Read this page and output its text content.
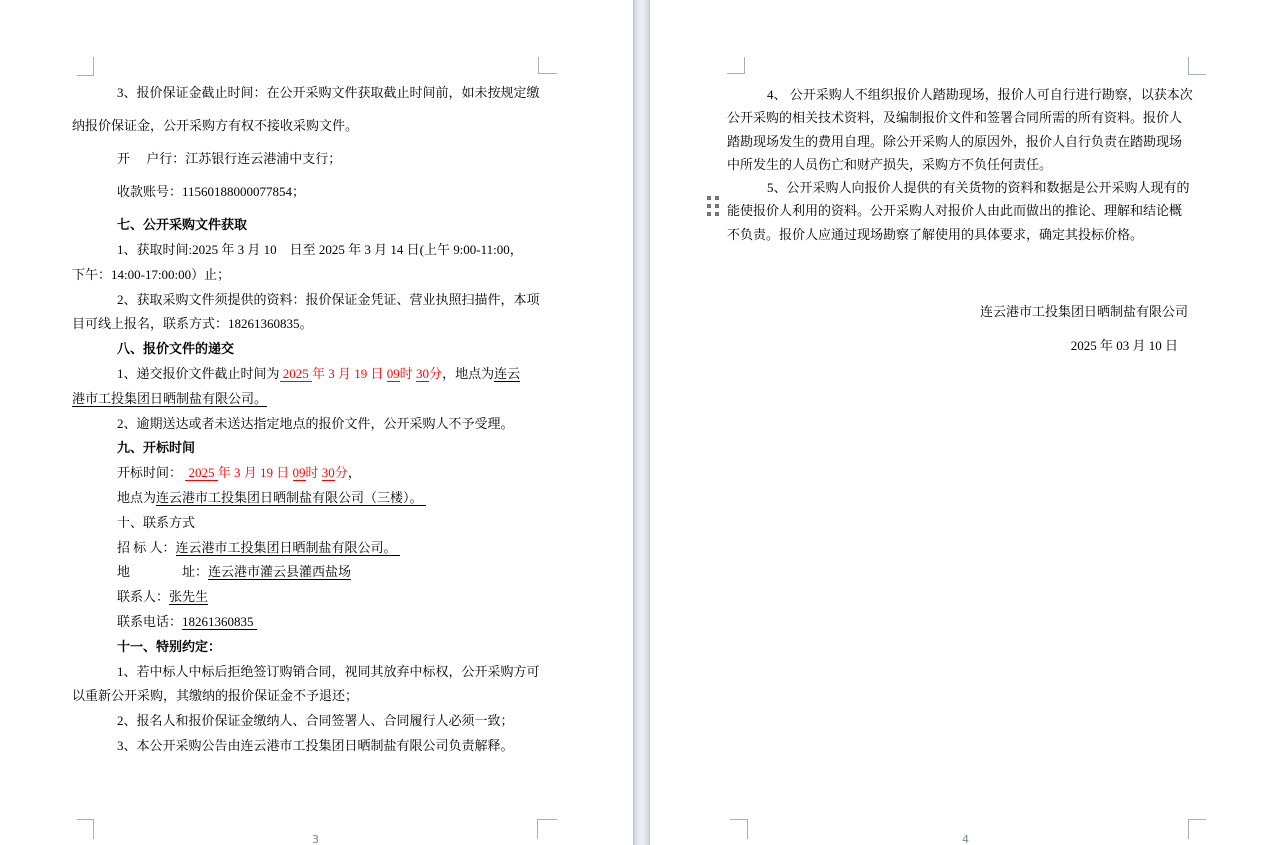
3、报价保证金截止时间：在公开采购文件获取截止时间前，如未按规定缴
纳报价保证金，公开采购方有权不接收采购文件。
开　 户行：江苏银行连云港浦中支行；
收款账号：11560188000077854；
七、公开采购文件获取
1、获取时间:2025 年 3 月 10　日至 2025 年 3 月 14 日(上午 9:00-11:00，
下午：14:00-17:00:00）止；
2、获取采购文件须提供的资料：报价保证金凭证、营业执照扫描件，本项
目可线上报名，联系方式：18261360835。
八、报价文件的递交
1、递交报价文件截止时间为 2025 年 3 月 19 日 09时 30分，地点为连云
港市工投集团日晒制盐有限公司。
2、逾期送达或者未送达指定地点的报价文件，公开采购人不予受理。
九、开标时间
开标时间：  2025 年 3 月 19 日 09时 30分，
地点为连云港市工投集团日晒制盐有限公司（三楼）。
十、联系方式
招 标 人：连云港市工投集团日晒制盐有限公司。
地　　　　址：连云港市灌云县灌西盐场
联系人：张先生
联系电话：18261360835
十一、特别约定：
1、若中标人中标后拒绝签订购销合同，视同其放弃中标权，公开采购方可
以重新公开采购，其缴纳的报价保证金不予退还；
2、报名人和报价保证金缴纳人、合同签署人、合同履行人必须一致；
3、本公开采购公告由连云港市工投集团日晒制盐有限公司负责解释。
3
4、 公开采购人不组织报价人踏勘现场，报价人可自行进行勘察，以获本次
公开采购的相关技术资料，及编制报价文件和签署合同所需的所有资料。报价人
踏勘现场发生的费用自理。除公开采购人的原因外，报价人自行负责在踏勘现场
中所发生的人员伤亡和财产损失，采购方不负任何责任。
5、公开采购人向报价人提供的有关货物的资料和数据是公开采购人现有的
能使报价人利用的资料。公开采购人对报价人由此而做出的推论、理解和结论概
不负责。报价人应通过现场勘察了解使用的具体要求，确定其投标价格。
连云港市工投集团日晒制盐有限公司
2025 年 03 月 10 日
4
